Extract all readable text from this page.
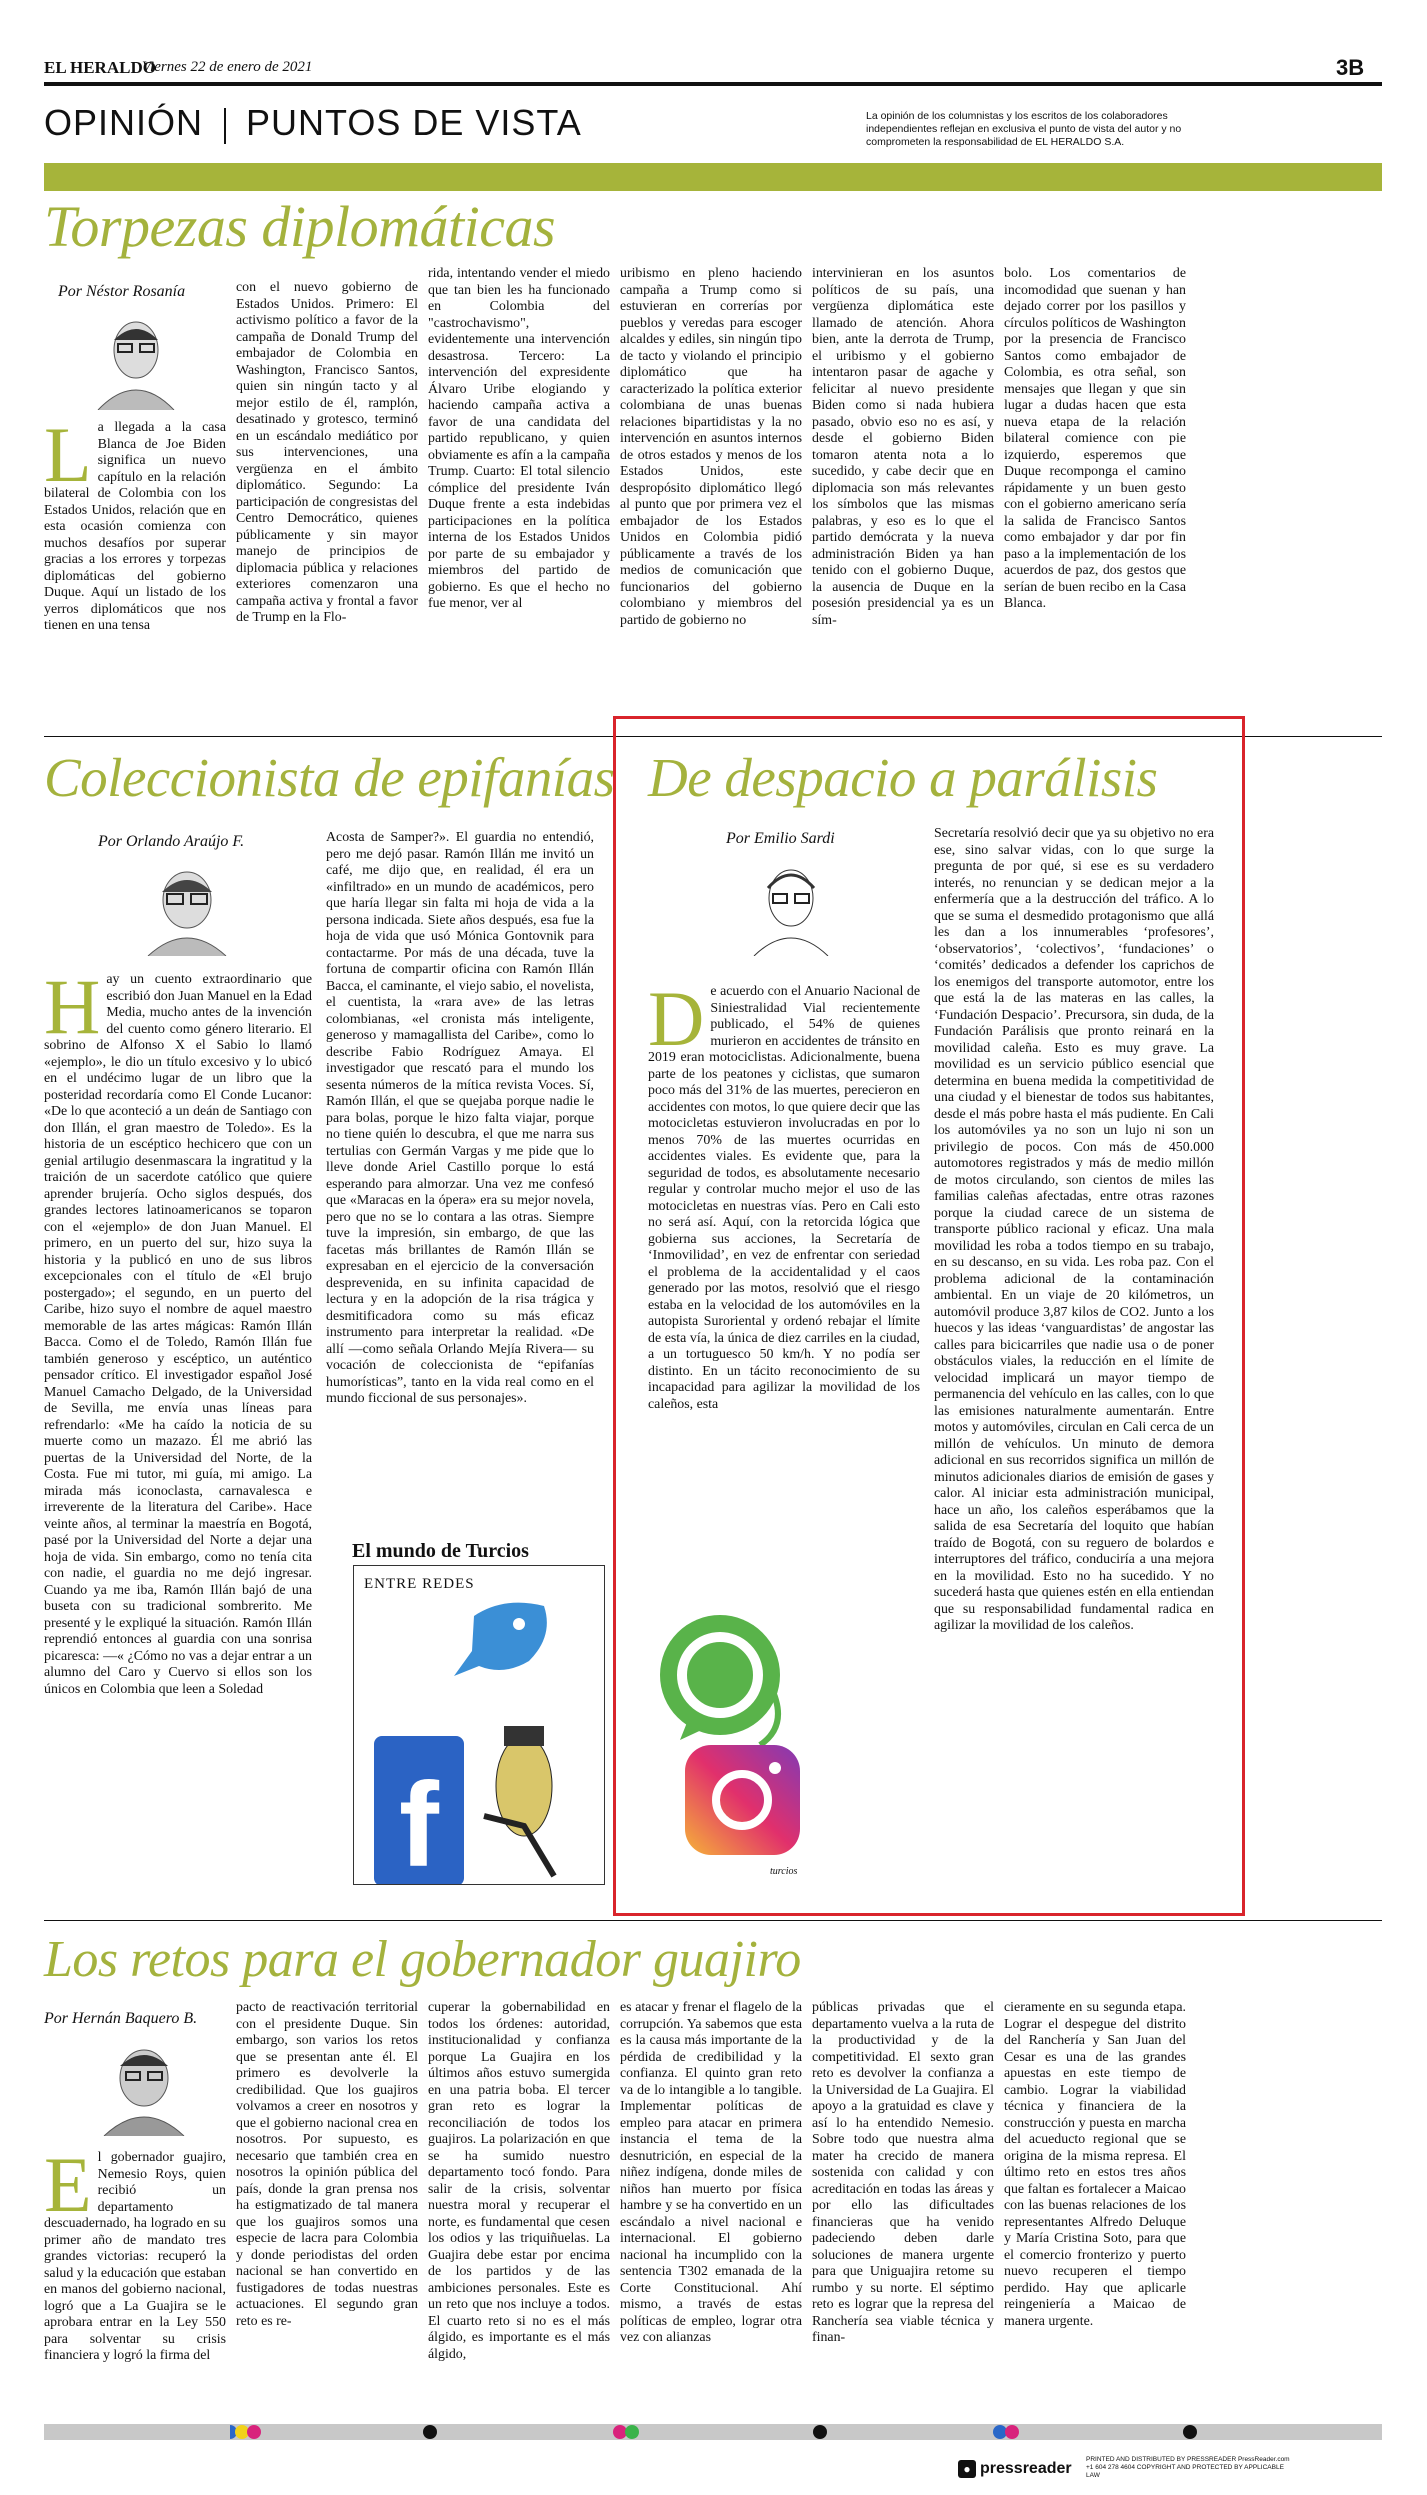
EL HERALDO
Viernes 22 de enero de 2021	3B
OPINIÓN PUNTOS DE VISTA	La opinión de los columnistas y los escritos de los colaboradores independientes reflejan en exclusiva el punto de vista del autor y no comprometen la responsabilidad de EL HERALDO S.A.
Torpezas diplomáticas
Por Néstor Rosanía
La llegada a la casa Blanca de Joe Biden significa un nuevo capítulo en la relación bilateral de Colombia con los Estados Unidos, relación que en esta ocasión comienza con muchos desafíos por superar gracias a los errores y torpezas diplomáticas del gobierno Duque. Aquí un listado de los yerros diplomáticos que nos tienen en una tensa
con el nuevo gobierno de Estados Unidos. Primero: El activismo político a favor de la campaña de Donald Trump del embajador de Colombia en Washington, Francisco Santos, quien sin ningún tacto y al mejor estilo de él, ramplón, desatinado y grotesco, terminó en un escándalo mediático por sus intervenciones, una vergüenza en el ámbito diplomático. Segundo: La participación de congresistas del Centro Democrático, quienes públicamente y sin mayor manejo de principios de diplomacia pública y relaciones exteriores comenzaron una campaña activa y frontal a favor de Trump en la Flo-
rida, intentando vender el miedo que tan bien les ha funcionado en Colombia del "castrochavismo", evidentemente una intervención desastrosa. Tercero: La intervención del expresidente Álvaro Uribe elogiando y haciendo campaña activa a favor de una candidata del partido republicano, y quien obviamente es afín a la campaña Trump. Cuarto: El total silencio cómplice del presidente Iván Duque frente a esta indebidas participaciones en la política interna de los Estados Unidos por parte de su embajador y miembros del partido de gobierno. Es que el hecho no fue menor, ver al
uribismo en pleno haciendo campaña a Trump como si estuvieran en correrías por pueblos y veredas para escoger alcaldes y ediles, sin ningún tipo de tacto y violando el principio diplomático que ha caracterizado la política exterior colombiana de unas buenas relaciones bipartidistas y la no intervención en asuntos internos de otros estados y menos de los Estados Unidos, este despropósito diplomático llegó al punto que por primera vez el embajador de los Estados Unidos en Colombia pidió públicamente a través de los medios de comunicación que funcionarios del gobierno colombiano y miembros del partido de gobierno no
intervinieran en los asuntos políticos de su país, una vergüenza diplomática este llamado de atención. Ahora bien, ante la derrota de Trump, el uribismo y el gobierno intentaron pasar de agache y felicitar al nuevo presidente Biden como si nada hubiera pasado, obvio eso no es así, y desde el gobierno Biden tomaron atenta nota a lo sucedido, y cabe decir que en diplomacia son más relevantes los símbolos que las mismas palabras, y eso es lo que el partido demócrata y la nueva administración Biden ya han tenido con el gobierno Duque, la ausencia de Duque en la posesión presidencial ya es un sím-
bolo. Los comentarios de incomodidad que suenan y han dejado correr por los pasillos y círculos políticos de Washington por la presencia de Francisco Santos como embajador de Colombia, es otra señal, son mensajes que llegan y que sin lugar a dudas hacen que esta nueva etapa de la relación bilateral comience con pie izquierdo, esperemos que Duque recomponga el camino rápidamente y un buen gesto con el gobierno americano sería la salida de Francisco Santos como embajador y dar por fin paso a la implementación de los acuerdos de paz, dos gestos que serían de buen recibo en la Casa Blanca.
Coleccionista de epifanías
Por Orlando Araújo F.
Hay un cuento extraordinario que escribió don Juan Manuel en la Edad Media, mucho antes de la invención del cuento como género literario. El sobrino de Alfonso X el Sabio lo llamó «ejemplo», le dio un título excesivo y lo ubicó en el undécimo lugar de un libro que la posteridad recordaría como El Conde Lucanor: «De lo que aconteció a un deán de Santiago con don Illán, el gran maestro de Toledo». Es la historia de un escéptico hechicero que con un genial artilugio desenmascara la ingratitud y la traición de un sacerdote católico que quiere aprender brujería. Ocho siglos después, dos grandes lectores latinoamericanos se toparon con el «ejemplo» de don Juan Manuel. El primero, en un puerto del sur, hizo suya la historia y la publicó en uno de sus libros excepcionales con el título de «El brujo postergado»; el segundo, en un puerto del Caribe, hizo suyo el nombre de aquel maestro memorable de las artes mágicas: Ramón Illán Bacca. Como el de Toledo, Ramón Illán fue también generoso y escéptico, un auténtico pensador crítico. El investigador español José Manuel Camacho Delgado, de la Universidad de Sevilla, me envía unas líneas para refrendarlo: «Me ha caído la noticia de su muerte como un mazazo. Él me abrió las puertas de la Universidad del Norte, de la Costa. Fue mi tutor, mi guía, mi amigo. La mirada más iconoclasta, carnavalesca e irreverente de la literatura del Caribe». Hace veinte años, al terminar la maestría en Bogotá, pasé por la Universidad del Norte a dejar una hoja de vida. Sin embargo, como no tenía cita con nadie, el guardia no me dejó ingresar. Cuando ya me iba, Ramón Illán bajó de una buseta con su tradicional sombrerito. Me presenté y le expliqué la situación. Ramón Illán reprendió entonces al guardia con una sonrisa picaresca: —« ¿Cómo no vas a dejar entrar a un alumno del Caro y Cuervo si ellos son los únicos en Colombia que leen a Soledad
Acosta de Samper?». El guardia no entendió, pero me dejó pasar. Ramón Illán me invitó un café, me dijo que, en realidad, él era un «infiltrado» en un mundo de académicos, pero que haría llegar sin falta mi hoja de vida a la persona indicada. Siete años después, esa fue la hoja de vida que usó Mónica Gontovnik para contactarme. Por más de una década, tuve la fortuna de compartir oficina con Ramón Illán Bacca, el caminante, el viejo sabio, el novelista, el cuentista, la «rara ave» de las letras colombianas, «el cronista más inteligente, generoso y mamagallista del Caribe», como lo describe Fabio Rodríguez Amaya. El investigador que rescató para el mundo los sesenta números de la mítica revista Voces. Sí, Ramón Illán, el que se quejaba porque nadie le para bolas, porque le hizo falta viajar, porque no tiene quién lo descubra, el que me narra sus tertulias con Germán Vargas y me pide que lo lleve donde Ariel Castillo porque lo está esperando para almorzar. Una vez me confesó que «Maracas en la ópera» era su mejor novela, pero que no se lo contara a las otras. Siempre tuve la impresión, sin embargo, de que las facetas más brillantes de Ramón Illán se expresaban en el ejercicio de la conversación desprevenida, en su infinita capacidad de lectura y en la adopción de la risa trágica y desmitificadora como su más eficaz instrumento para interpretar la realidad. «De allí —como señala Orlando Mejía Rivera— su vocación de coleccionista de “epifanías humorísticas”, tanto en la vida real como en el mundo ficcional de sus personajes».
El mundo de Turcios
ENTRE REDES
f	turcios
De despacio a parálisis
Por Emilio Sardi
De acuerdo con el Anuario Nacional de Siniestralidad Vial recientemente publicado, el 54% de quienes murieron en accidentes de tránsito en 2019 eran motociclistas. Adicionalmente, buena parte de los peatones y ciclistas, que sumaron poco más del 31% de las muertes, perecieron en accidentes con motos, lo que quiere decir que las motocicletas estuvieron involucradas en por lo menos 70% de las muertes ocurridas en accidentes viales. Es evidente que, para la seguridad de todos, es absolutamente necesario regular y controlar mucho mejor el uso de las motocicletas en nuestras vías. Pero en Cali esto no será así. Aquí, con la retorcida lógica que gobierna sus acciones, la Secretaría de ‘Inmovilidad’, en vez de enfrentar con seriedad el problema de la accidentalidad y el caos generado por las motos, resolvió que el riesgo estaba en la velocidad de los automóviles en la autopista Suroriental y ordenó rebajar el límite de esta vía, la única de diez carriles en la ciudad, a un tortuguesco 50 km/h. Y no podía ser distinto. En un tácito reconocimiento de su incapacidad para agilizar la movilidad de los caleños, esta
Secretaría resolvió decir que ya su objetivo no era ese, sino salvar vidas, con lo que surge la pregunta de por qué, si ese es su verdadero interés, no renuncian y se dedican mejor a la enfermería que a la destrucción del tráfico. A lo que se suma el desmedido protagonismo que allá les dan a los innumerables ‘profesores’, ‘observatorios’, ‘colectivos’, ‘fundaciones’ o ‘comités’ dedicados a defender los caprichos de los enemigos del transporte automotor, entre los que está la de las materas en las calles, la ‘Fundación Despacio’. Precursora, sin duda, de la Fundación Parálisis que pronto reinará en la movilidad caleña. Esto es muy grave. La movilidad es un servicio público esencial que determina en buena medida la competitividad de una ciudad y el bienestar de todos sus habitantes, desde el más pobre hasta el más pudiente. En Cali los automóviles ya no son un lujo ni son un privilegio de pocos. Con más de 450.000 automotores registrados y más de medio millón de motos circulando, son cientos de miles las familias caleñas afectadas, entre otras razones porque la ciudad carece de un sistema de transporte público racional y eficaz. Una mala movilidad les roba a todos tiempo en su trabajo, en su descanso, en su vida. Les roba paz. Con el problema adicional de la contaminación ambiental. En un viaje de 20 kilómetros, un automóvil produce 3,87 kilos de CO2. Junto a los huecos y las ideas ‘vanguardistas’ de angostar las calles para bicicarriles que nadie usa o de poner obstáculos viales, la reducción en el límite de velocidad implicará un mayor tiempo de permanencia del vehículo en las calles, con lo que las emisiones naturalmente aumentarán. Entre motos y automóviles, circulan en Cali cerca de un millón de vehículos. Un minuto de demora adicional en sus recorridos significa un millón de minutos adicionales diarios de emisión de gases y calor. Al iniciar esta administración municipal, hace un año, los caleños esperábamos que la salida de esa Secretaría del loquito que habían traído de Bogotá, con su reguero de bolardos e interruptores del tráfico, conduciría a una mejora en la movilidad. Esto no ha sucedido. Y no sucederá hasta que quienes estén en ella entiendan que su responsabilidad fundamental radica en agilizar la movilidad de los caleños.
Los retos para el gobernador guajiro
Por Hernán Baquero B.
El gobernador guajiro, Nemesio Roys, quien recibió un departamento descuadernado, ha logrado en su primer año de mandato tres grandes victorias: recuperó la salud y la educación que estaban en manos del gobierno nacional, logró que a La Guajira se le aprobara entrar en la Ley 550 para solventar su crisis financiera y logró la firma del
pacto de reactivación territorial con el presidente Duque. Sin embargo, son varios los retos que se presentan ante él. El primero es devolverle la credibilidad. Que los guajiros volvamos a creer en nosotros y que el gobierno nacional crea en nosotros. Por supuesto, es necesario que también crea en nosotros la opinión pública del país, donde la gran prensa nos ha estigmatizado de tal manera que los guajiros somos una especie de lacra para Colombia y donde periodistas del orden nacional se han convertido en fustigadores de todas nuestras actuaciones. El segundo gran reto es re-
cuperar la gobernabilidad en todos los órdenes: autoridad, institucionalidad y confianza porque La Guajira en los últimos años estuvo sumergida en una patria boba. El tercer gran reto es lograr la reconciliación de todos los guajiros. La polarización en que se ha sumido nuestro departamento tocó fondo. Para salir de la crisis, solventar nuestra moral y recuperar el norte, es fundamental que cesen los odios y las triquiñuelas. La Guajira debe estar por encima de los partidos y de las ambiciones personales. Este es un reto que nos incluye a todos. El cuarto reto si no es el más álgido, es importante es el más álgido,
es atacar y frenar el flagelo de la corrupción. Ya sabemos que esta es la causa más importante de la pérdida de credibilidad y la confianza. El quinto gran reto va de lo intangible a lo tangible. Implementar políticas de empleo para atacar en primera instancia el tema de la desnutrición, en especial de la niñez indígena, donde miles de niños han muerto por física hambre y se ha convertido en un escándalo a nivel nacional e internacional. El gobierno nacional ha incumplido con la sentencia T302 emanada de la Corte Constitucional. Ahí mismo, a través de estas políticas de empleo, lograr otra vez con alianzas
públicas privadas que el departamento vuelva a la ruta de la productividad y de la competitividad. El sexto gran reto es devolver la confianza a la Universidad de La Guajira. El apoyo a la gratuidad es clave y así lo ha entendido Nemesio. Sobre todo que nuestra alma mater ha crecido de manera sostenida con calidad y con acreditación en todas las áreas y por ello las dificultades financieras que ha venido padeciendo deben darle soluciones de manera urgente para que Uniguajira retome su rumbo y su norte. El séptimo reto es lograr que la represa del Ranchería sea viable técnica y finan-
cieramente en su segunda etapa. Lograr el despegue del distrito del Ranchería y San Juan del Cesar es una de las grandes apuestas en este tiempo de cambio. Lograr la viabilidad técnica y financiera de la construcción y puesta en marcha del acueducto regional que se origina de la misma represa. El último reto en estos tres años que faltan es fortalecer a Maicao con las buenas relaciones de los representantes Alfredo Deluque y María Cristina Soto, para que el comercio fronterizo y puerto nuevo recuperen el tiempo perdido. Hay que aplicarle reingeniería a Maicao de manera urgente.
● pressreader
PRINTED AND DISTRIBUTED BY PRESSREADER PressReader.com +1 604 278 4604 COPYRIGHT AND PROTECTED BY APPLICABLE LAW
